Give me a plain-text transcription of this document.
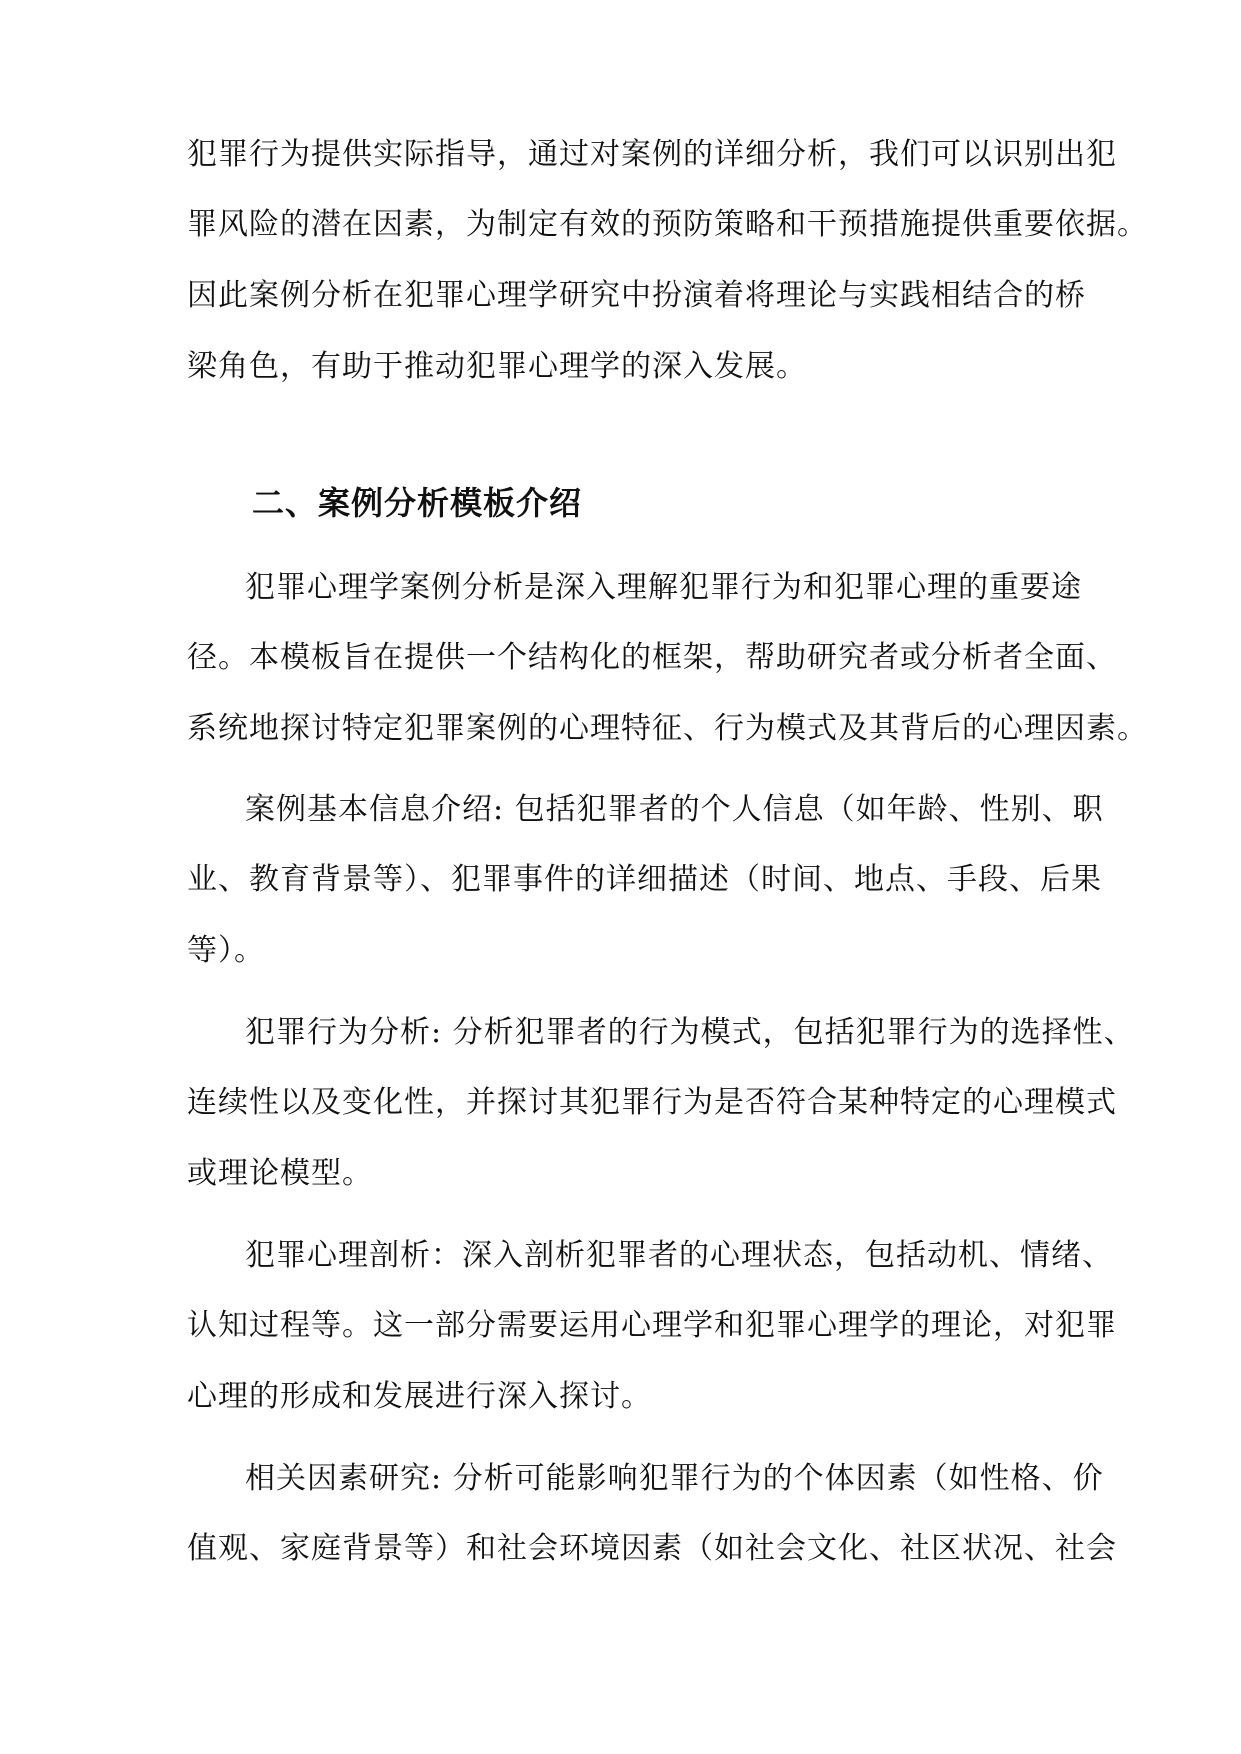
犯罪行为提供实际指导，通过对案例的详细分析，我们可以识别出犯

罪风险的潜在因素，为制定有效的预防策略和干预措施提供重要依据。

因此案例分析在犯罪心理学研究中扮演着将理论与实践相结合的桥

梁角色，有助于推动犯罪心理学的深入发展。

二、案例分析模板介绍

犯罪心理学案例分析是深入理解犯罪行为和犯罪心理的重要途

径。本模板旨在提供一个结构化的框架，帮助研究者或分析者全面、

系统地探讨特定犯罪案例的心理特征、行为模式及其背后的心理因素。

案例基本信息介绍: 包括犯罪者的个人信息（如年龄、性别、职

业、教育背景等）、犯罪事件的详细描述（时间、地点、手段、后果

等）。

犯罪行为分析: 分析犯罪者的行为模式，包括犯罪行为的选择性、

连续性以及变化性，并探讨其犯罪行为是否符合某种特定的心理模式

或理论模型。

犯罪心理剖析：深入剖析犯罪者的心理状态，包括动机、情绪、

认知过程等。这一部分需要运用心理学和犯罪心理学的理论，对犯罪

心理的形成和发展进行深入探讨。

相关因素研究: 分析可能影响犯罪行为的个体因素（如性格、价

值观、家庭背景等）和社会环境因素（如社会文化、社区状况、社会
